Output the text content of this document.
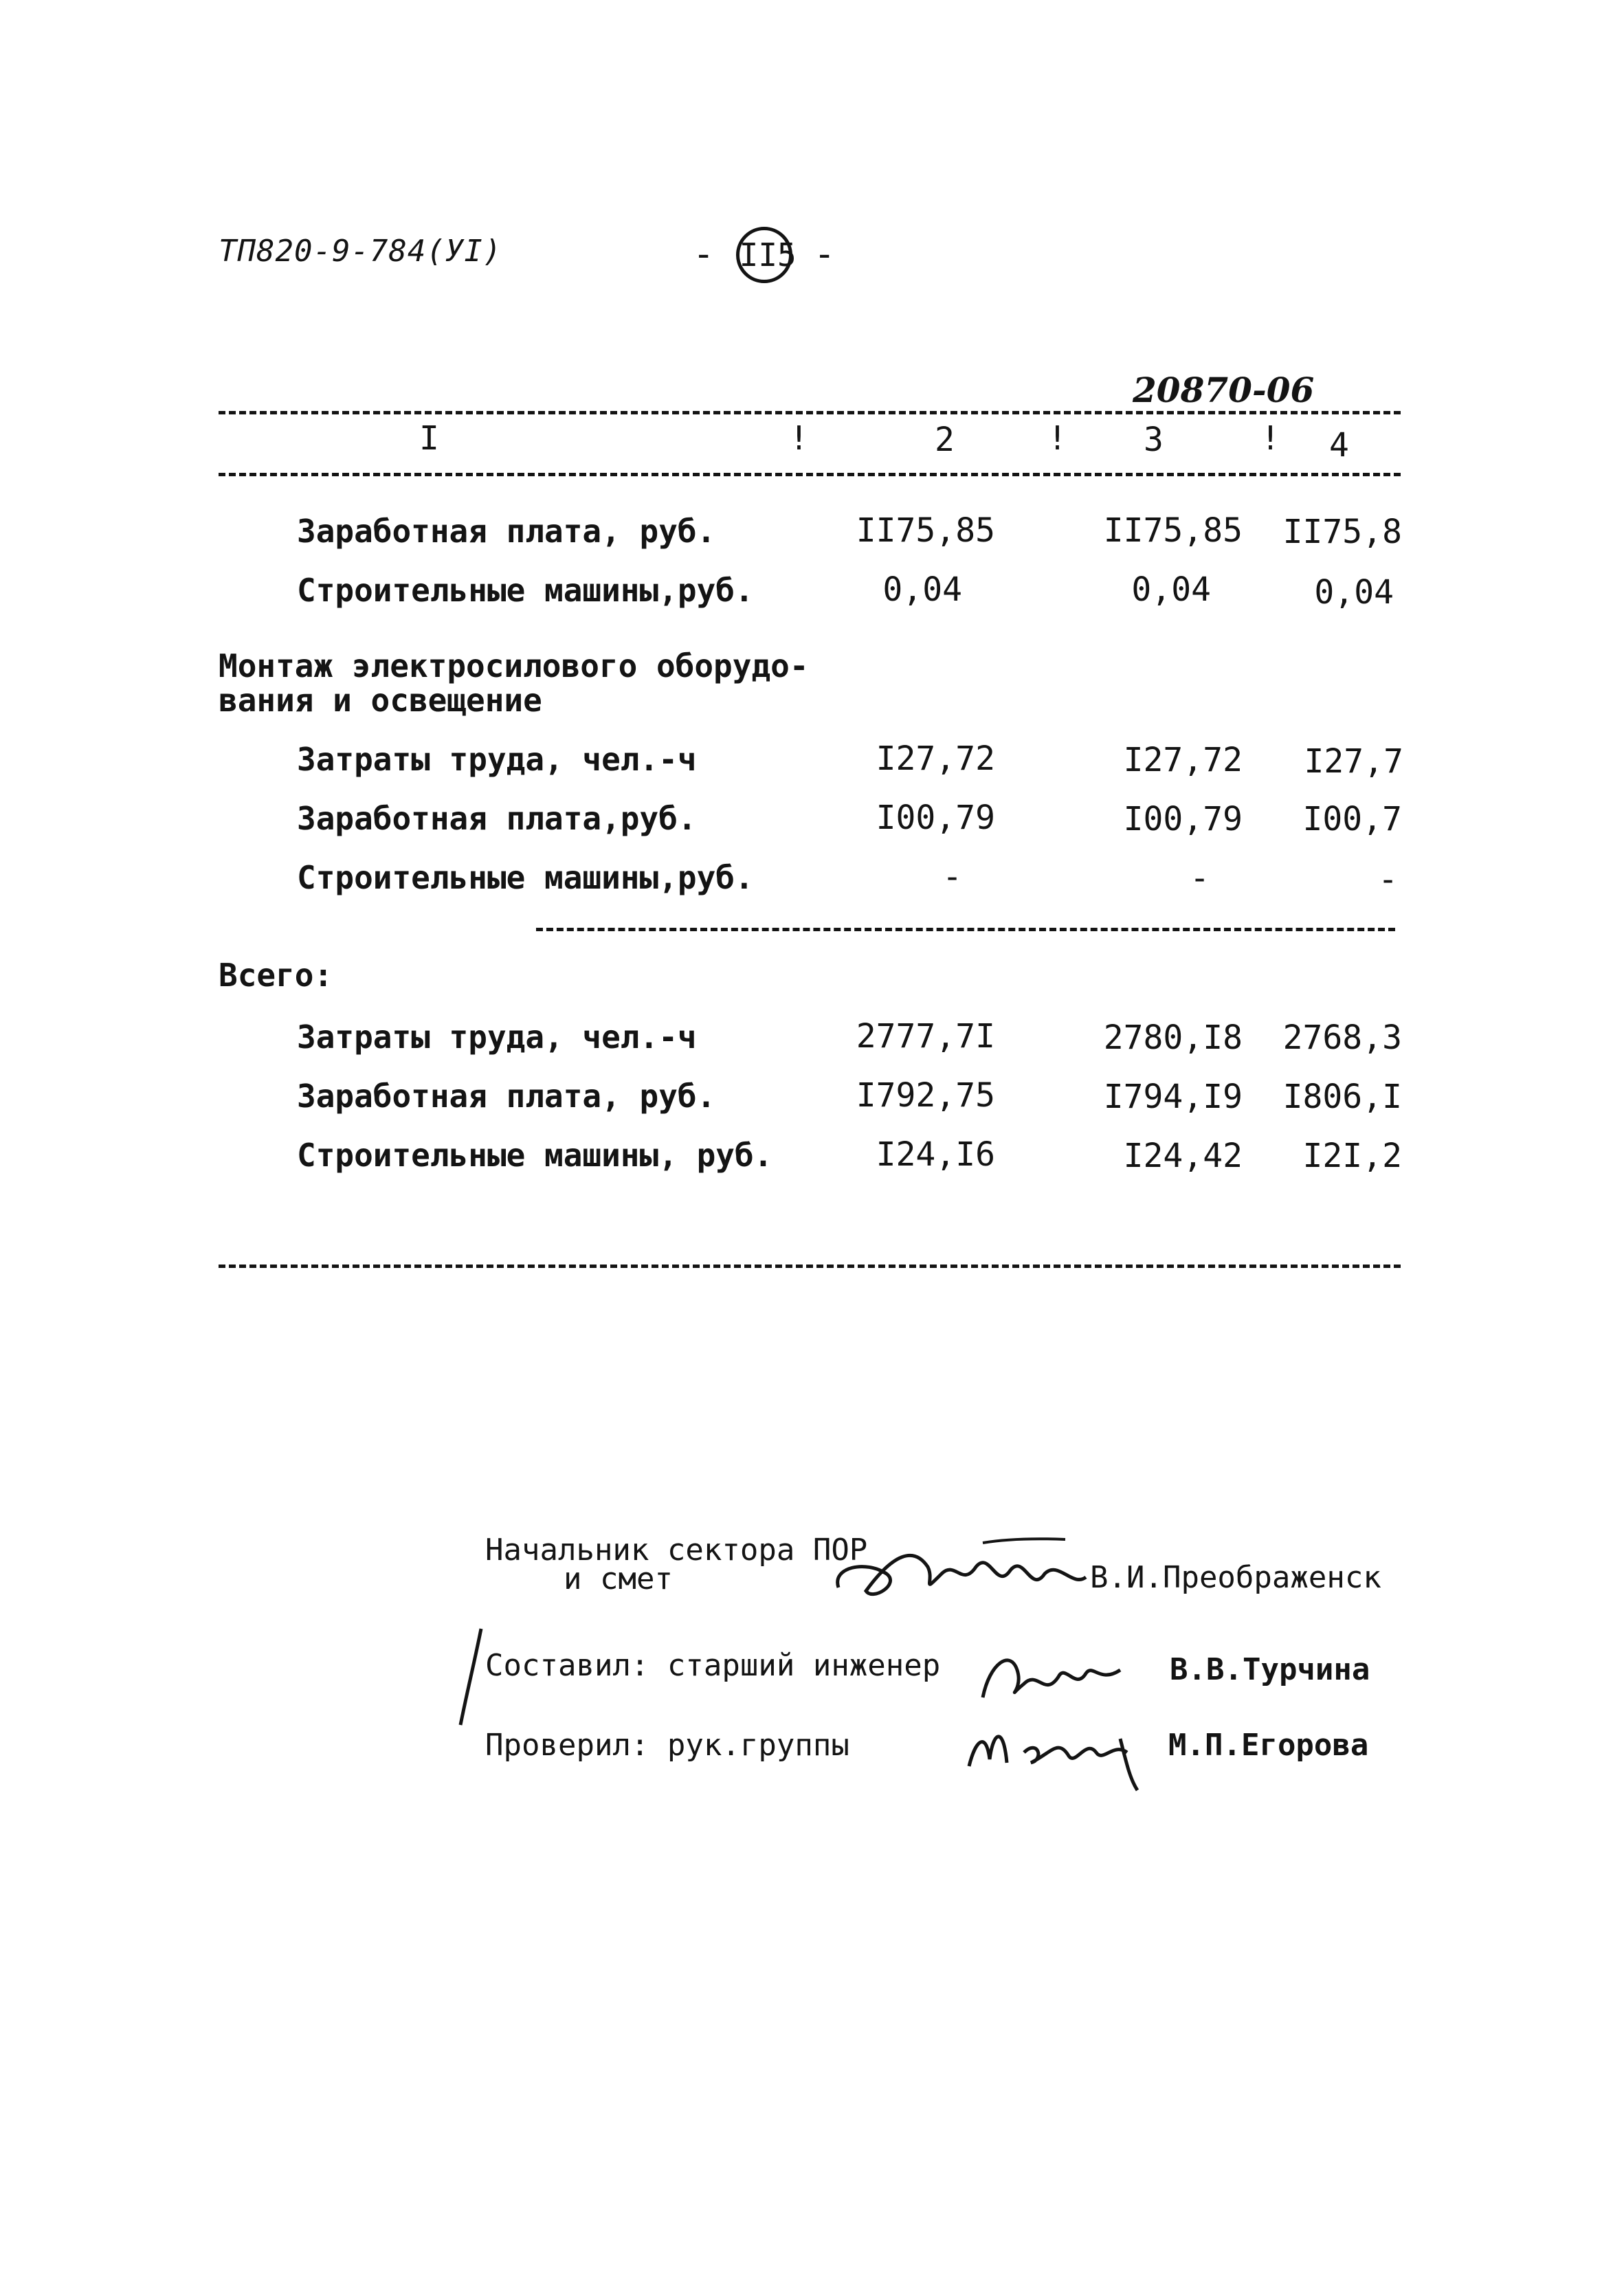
ТП820-9-784(УI)	- II5 -
20870-06
I	!	2	! 3	! 4
Заработная плата, руб.	II75,85	II75,85	II75,8
Строительные машины,руб.	0,04	0,04	0,04
Монтаж электросилового оборудо-
вания и освещение
Затраты труда, чел.-ч	I27,72	I27,72	I27,7
Заработная плата,руб.	I00,79	I00,79	I00,7
Строительные машины,руб.	-	-	-
Всего:
Затраты труда, чел.-ч	2777,7I	2780,I8	2768,3
Заработная плата, руб.	I792,75	I794,I9	I806,I
Строительные машины, руб.	I24,I6	I24,42	I2I,2
Начальник сектора ПОР
и смет	В.И.Преображенск
Составил: старший инженер	В.В.Турчина
Проверил: рук.группы	М.П.Егорова
